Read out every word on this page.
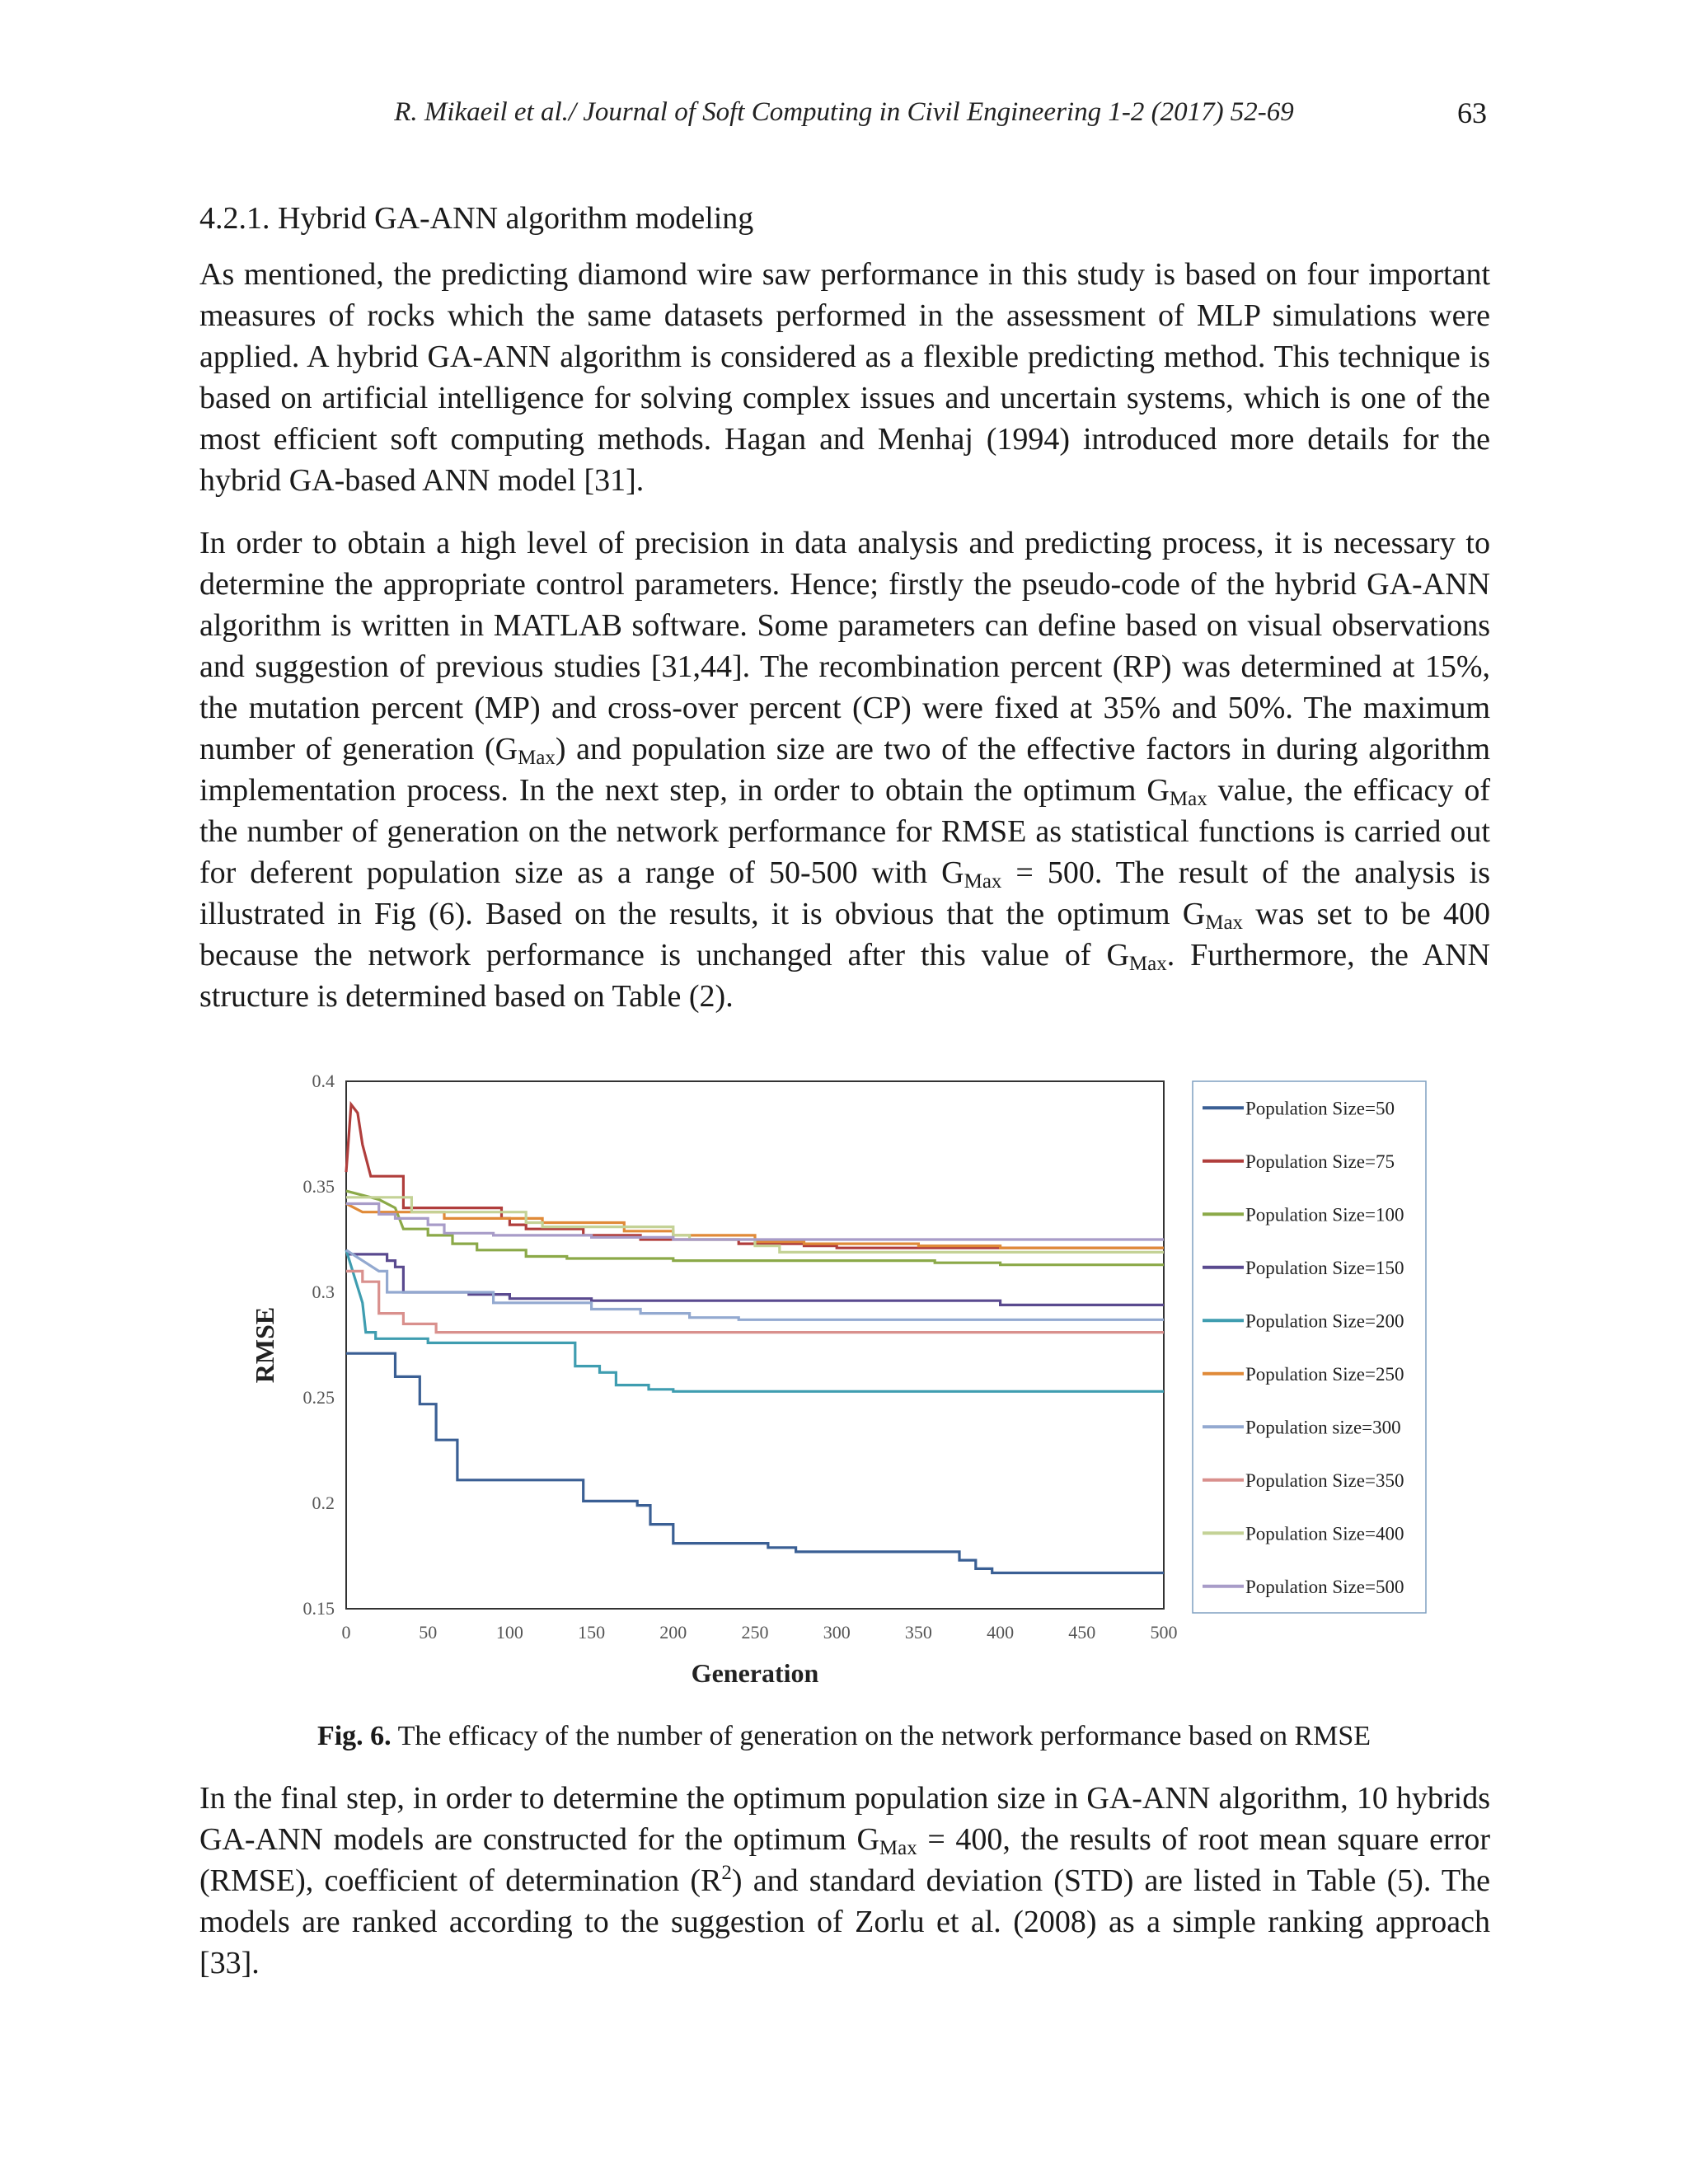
R. Mikaeil et al./ Journal of Soft Computing in Civil Engineering 1-2 (2017) 52-69	63
4.2.1. Hybrid GA-ANN algorithm modeling

As mentioned, the predicting diamond wire saw performance in this study is based on four important measures of rocks which the same datasets performed in the assessment of MLP simulations were applied. A hybrid GA-ANN algorithm is considered as a flexible predicting method. This technique is based on artificial intelligence for solving complex issues and uncertain systems, which is one of the most efficient soft computing methods. Hagan and Menhaj (1994) introduced more details for the hybrid GA-based ANN model [31].

In order to obtain a high level of precision in data analysis and predicting process, it is necessary to determine the appropriate control parameters. Hence; firstly the pseudo-code of the hybrid GA-ANN algorithm is written in MATLAB software. Some parameters can define based on visual observations and suggestion of previous studies [31,44]. The recombination percent (RP) was determined at 15%, the mutation percent (MP) and cross-over percent (CP) were fixed at 35% and 50%. The maximum number of generation $(G_{Max})$ and population size are two of the effective factors in during algorithm implementation process. In the next step, in order to obtain the optimum $G_{Max}$ value, the efficacy of the number of generation on the network performance for RMSE as statistical functions is carried out for deferent population size as a range of 50-500 with $G_{Max} = 500$. The result of the analysis is illustrated in Fig (6). Based on the results, it is obvious that the optimum $G_{Max}$ was set to be 400 because the network performance is unchanged after this value of $G_{Max}$. Furthermore, the ANN structure is determined based on Table (2).

0	50	100	150	200	250	300	350	400	450	500
0.15
0.2
0.25
0.3
0.35
0.4
Generation
RMSE
Population Size=50
Population Size=75
Population Size=100
Population Size=150
Population Size=200
Population Size=250
Population size=300
Population Size=350
Population Size=400
Population Size=500
Fig. 6. The efficacy of the number of generation on the network performance based on RMSE

In the final step, in order to determine the optimum population size in GA-ANN algorithm, 10 hybrids GA-ANN models are constructed for the optimum $G_{Max} = 400$, the results of root mean square error (RMSE), coefficient of determination $(R^2)$ and standard deviation (STD) are listed in Table (5). The models are ranked according to the suggestion of Zorlu et al. (2008) as a simple ranking approach [33].
